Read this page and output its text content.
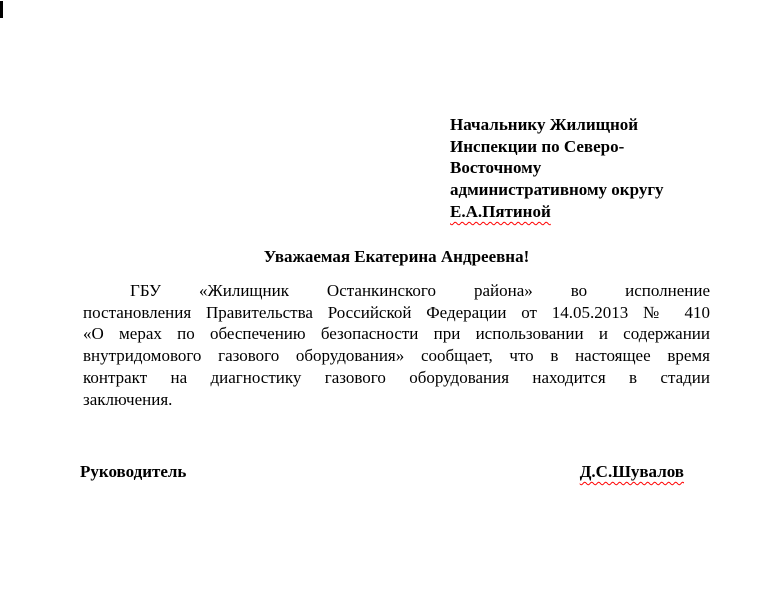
Начальнику Жилищной
Инспекции по Северо-
Восточному
административному округу
Е.А.Пятиной
Уважаемая Екатерина Андреевна!
ГБУ «Жилищник Останкинского района» во исполнение
постановления Правительства Российской Федерации от 14.05.2013 № 410
«О мерах по обеспечению безопасности при использовании и содержании
внутридомового газового оборудования» сообщает, что в настоящее время
контракт на диагностику газового оборудования находится в стадии
заключения.
Руководитель	Д.С.Шувалов
